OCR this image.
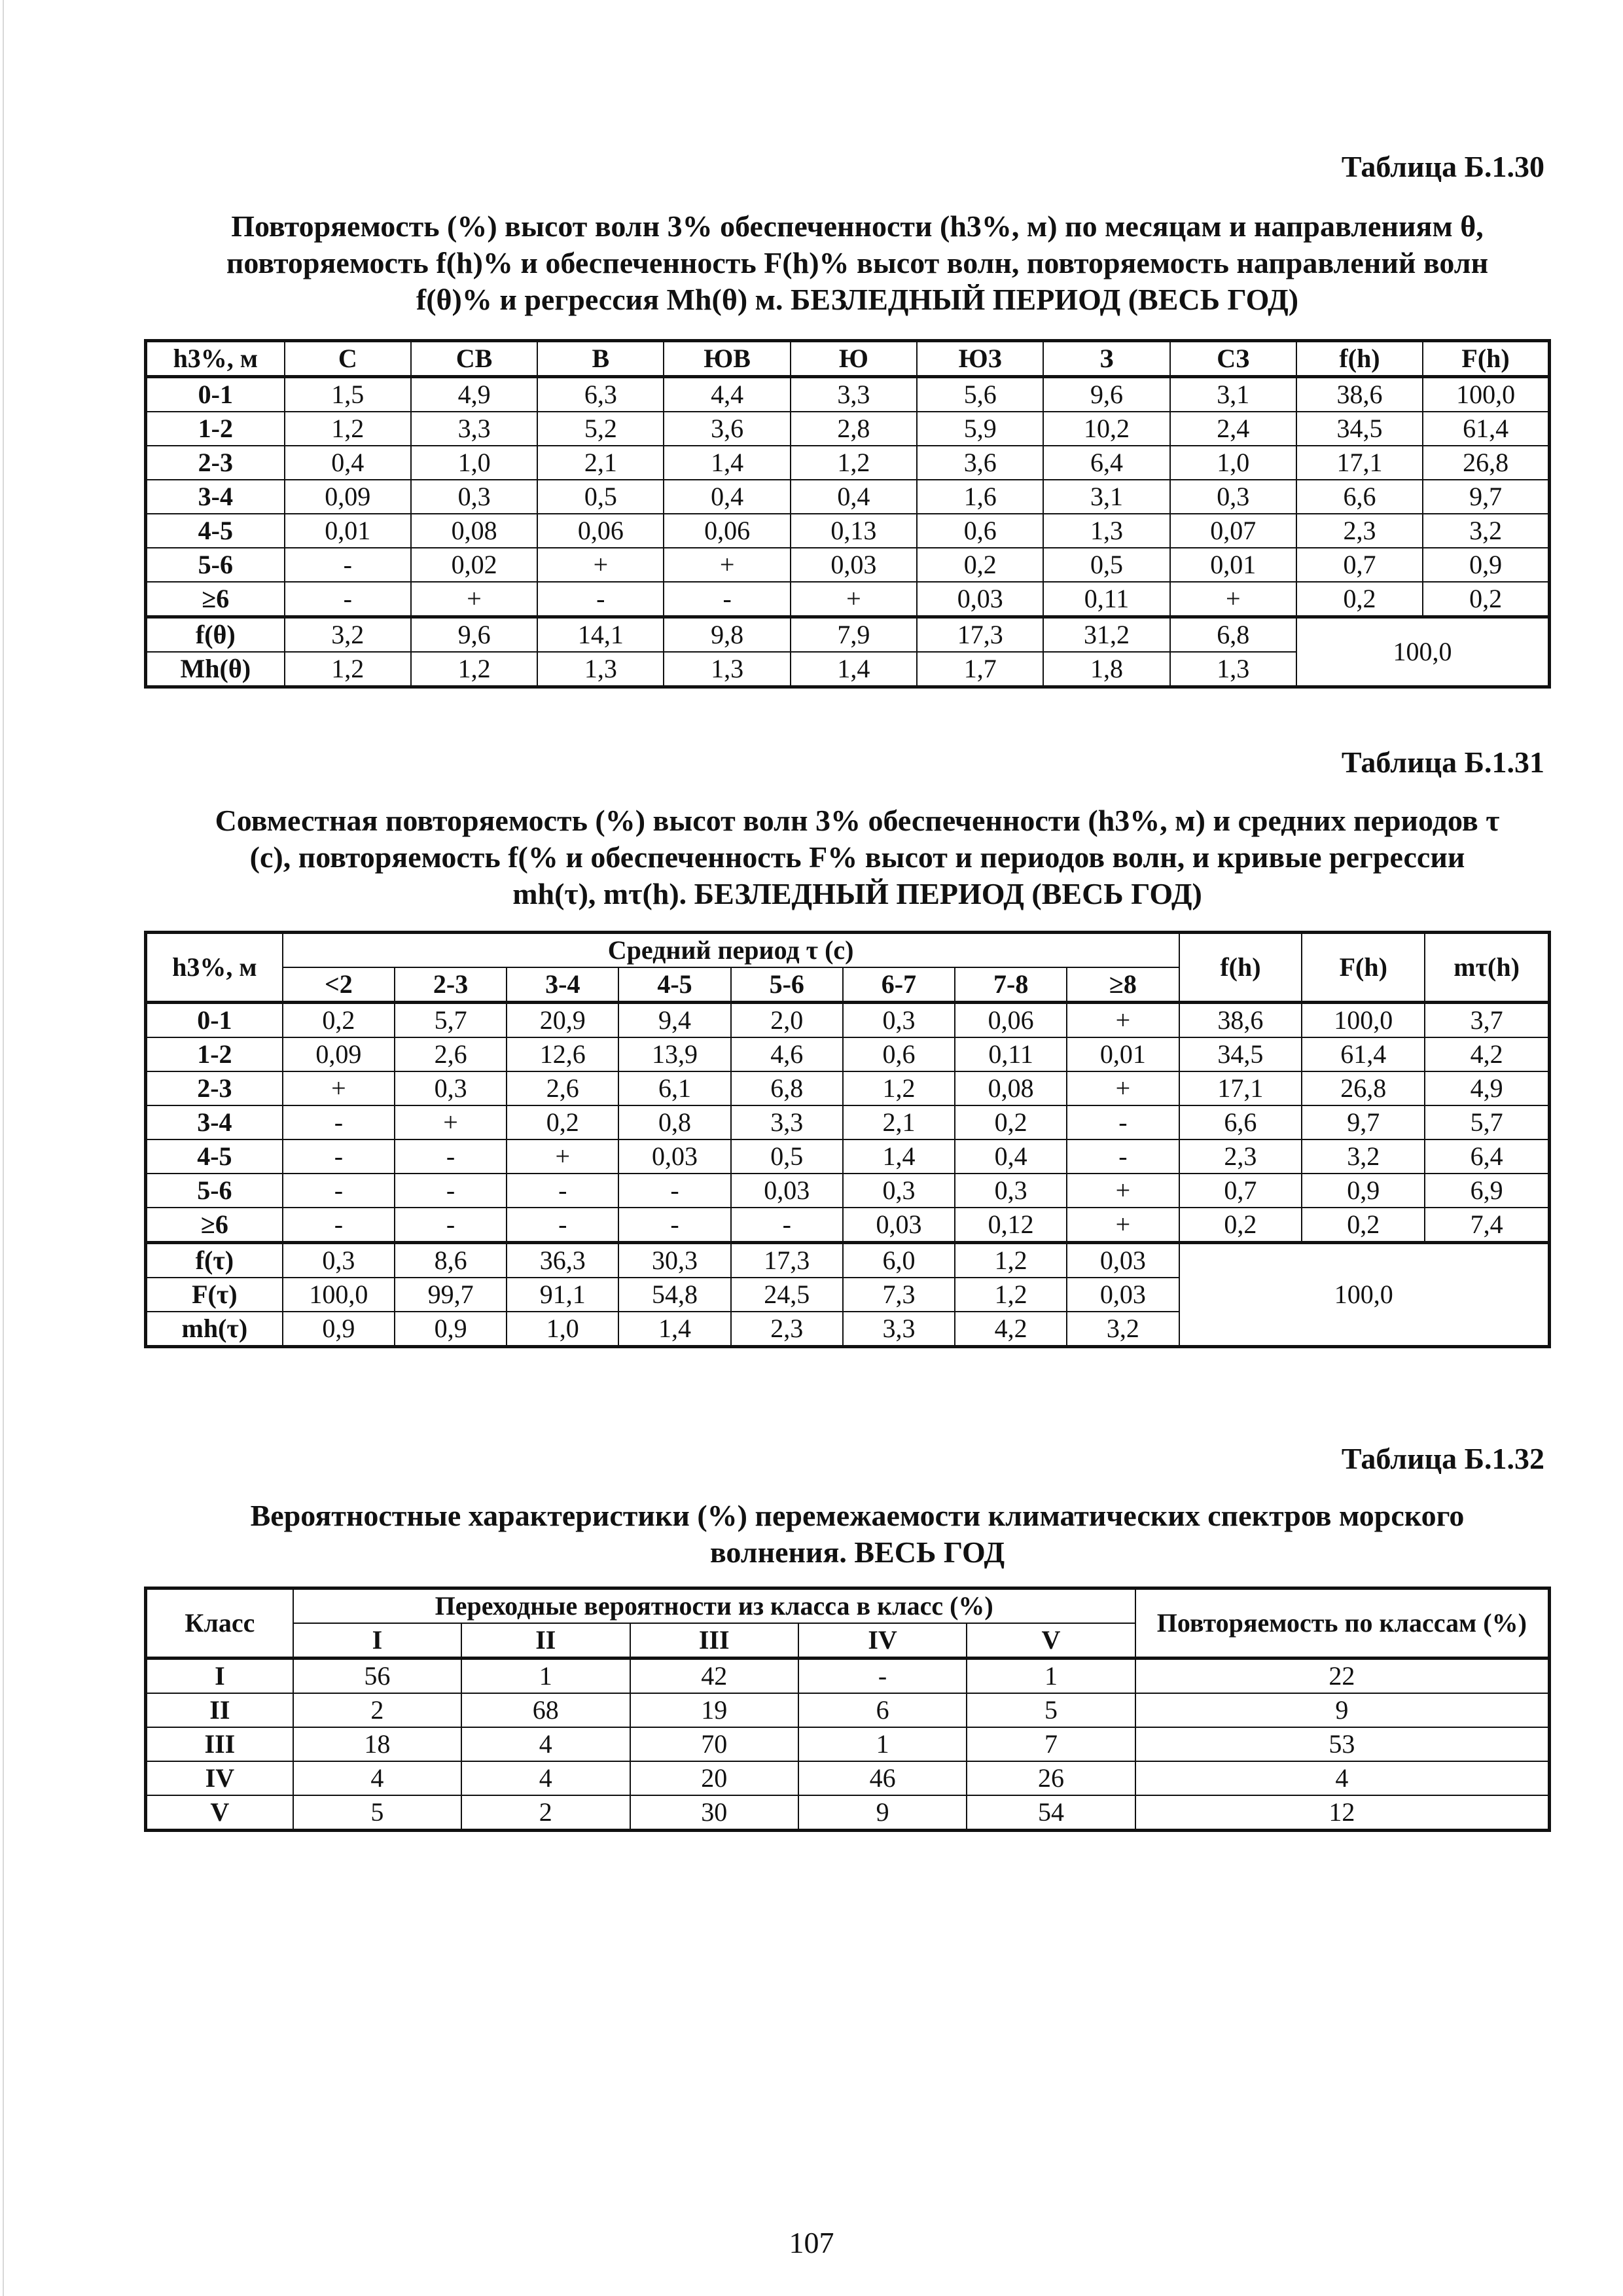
Таблица Б.1.30
Повторяемость (%) высот волн 3% обеспеченности (h3%, м) по месяцам и направлениям θ,
повторяемость f(h)% и обеспеченность F(h)% высот волн, повторяемость направлений волн
f(θ)% и регрессия Mh(θ) м. БЕЗЛЕДНЫЙ ПЕРИОД (ВЕСЬ ГОД)
h3%, м	С	СВ	В	ЮВ	Ю	ЮЗ	З	СЗ	f(h)	F(h)
0-1	1,5	4,9	6,3	4,4	3,3	5,6	9,6	3,1	38,6	100,0
1-2	1,2	3,3	5,2	3,6	2,8	5,9	10,2	2,4	34,5	61,4
2-3	0,4	1,0	2,1	1,4	1,2	3,6	6,4	1,0	17,1	26,8
3-4	0,09	0,3	0,5	0,4	0,4	1,6	3,1	0,3	6,6	9,7
4-5	0,01	0,08	0,06	0,06	0,13	0,6	1,3	0,07	2,3	3,2
5-6	-	0,02	+	+	0,03	0,2	0,5	0,01	0,7	0,9
≥6	-	+	-	-	+	0,03	0,11	+	0,2	0,2
f(θ)	3,2	9,6	14,1	9,8	7,9	17,3	31,2	6,8	100,0	
Mh(θ)	1,2	1,2	1,3	1,3	1,4	1,7	1,8	1,3		
Таблица Б.1.31
Совместная повторяемость (%) высот волн 3% обеспеченности (h3%, м) и средних периодов τ
(с), повторяемость f(% и обеспеченность F% высот и периодов волн, и кривые регрессии
mh(τ), mτ(h). БЕЗЛЕДНЫЙ ПЕРИОД (ВЕСЬ ГОД)
h3%, м	Средний период τ (с)								f(h)	F(h)	mτ(h)
	<2	2-3	3-4	4-5	5-6	6-7	7-8	≥8			
0-1	0,2	5,7	20,9	9,4	2,0	0,3	0,06	+	38,6	100,0	3,7
1-2	0,09	2,6	12,6	13,9	4,6	0,6	0,11	0,01	34,5	61,4	4,2
2-3	+	0,3	2,6	6,1	6,8	1,2	0,08	+	17,1	26,8	4,9
3-4	-	+	0,2	0,8	3,3	2,1	0,2	-	6,6	9,7	5,7
4-5	-	-	+	0,03	0,5	1,4	0,4	-	2,3	3,2	6,4
5-6	-	-	-	-	0,03	0,3	0,3	+	0,7	0,9	6,9
≥6	-	-	-	-	-	0,03	0,12	+	0,2	0,2	7,4
f(τ)	0,3	8,6	36,3	30,3	17,3	6,0	1,2	0,03	100,0		
F(τ)	100,0	99,7	91,1	54,8	24,5	7,3	1,2	0,03			
mh(τ)	0,9	0,9	1,0	1,4	2,3	3,3	4,2	3,2			
Таблица Б.1.32
Вероятностные характеристики (%) перемежаемости климатических спектров морского
волнения. ВЕСЬ ГОД
Класс	Переходные вероятности из класса в класс (%)					Повторяемость по классам (%)
	I	II	III	IV	V	
I	56	1	42	-	1	22
II	2	68	19	6	5	9
III	18	4	70	1	7	53
IV	4	4	20	46	26	4
V	5	2	30	9	54	12
107
